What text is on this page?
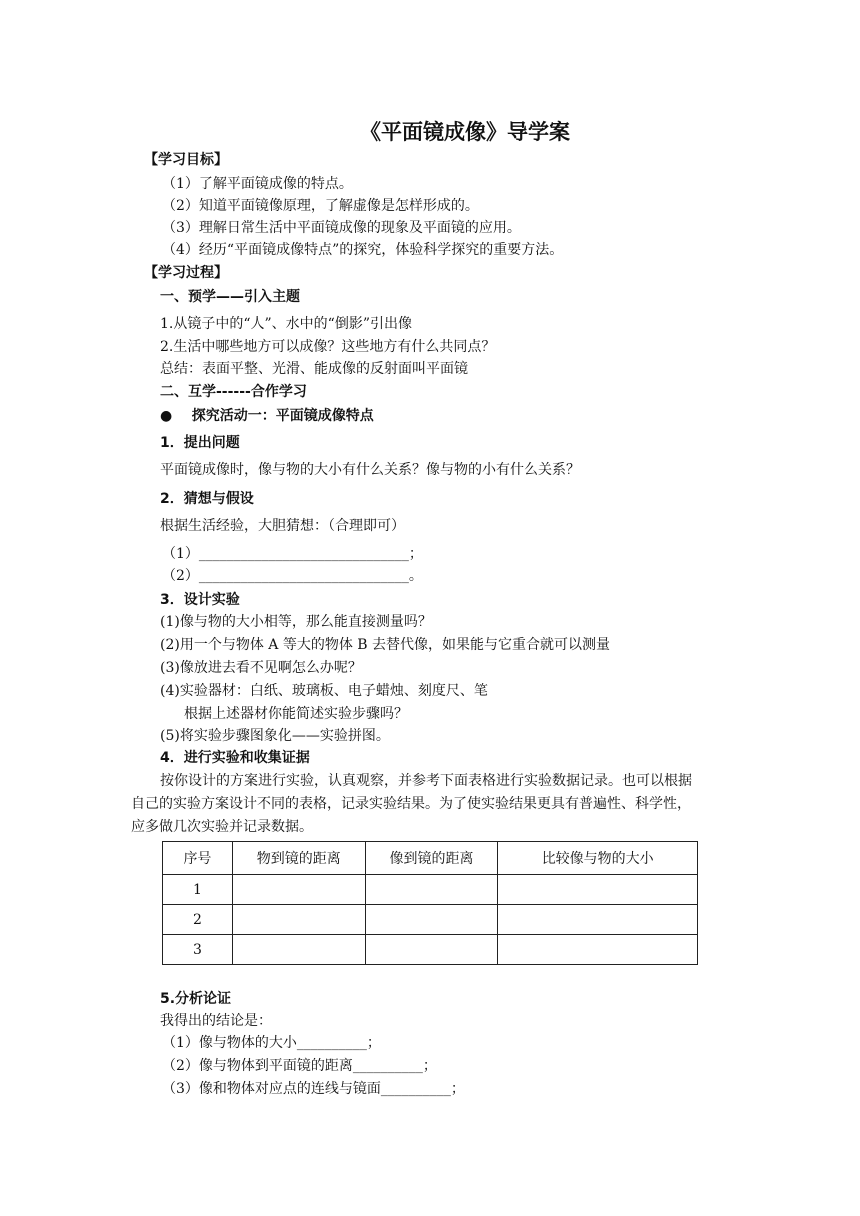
《平面镜成像》导学案
【学习目标】
（1）了解平面镜成像的特点。
（2）知道平面镜像原理，了解虚像是怎样形成的。
（3）理解日常生活中平面镜成像的现象及平面镜的应用。
（4）经历“平面镜成像特点”的探究，体验科学探究的重要方法。
【学习过程】
一、预学——引入主题
1.从镜子中的“人”、水中的“倒影”引出像
2.生活中哪些地方可以成像？这些地方有什么共同点？
总结：表面平整、光滑、能成像的反射面叫平面镜
二、互学------合作学习
● 探究活动一：平面镜成像特点
1．提出问题
平面镜成像时，像与物的大小有什么关系？像与物的小有什么关系？
2．猜想与假设
根据生活经验，大胆猜想：（合理即可）
（1）______________________________；
（2）______________________________。
3．设计实验
(1)像与物的大小相等，那么能直接测量吗？
(2)用一个与物体 A 等大的物体 B 去替代像，如果能与它重合就可以测量
(3)像放进去看不见啊怎么办呢？
(4)实验器材：白纸、玻璃板、电子蜡烛、刻度尺、笔
根据上述器材你能简述实验步骤吗？
(5)将实验步骤图象化——实验拼图。
4．进行实验和收集证据
按你设计的方案进行实验，认真观察，并参考下面表格进行实验数据记录。也可以根据
自己的实验方案设计不同的表格，记录实验结果。为了使实验结果更具有普遍性、科学性，
应多做几次实验并记录数据。
序号	物到镜的距离	像到镜的距离	比较像与物的大小
1			
2			
3			
5.分析论证
我得出的结论是：
（1）像与物体的大小__________；
（2）像与物体到平面镜的距离__________；
（3）像和物体对应点的连线与镜面__________；
